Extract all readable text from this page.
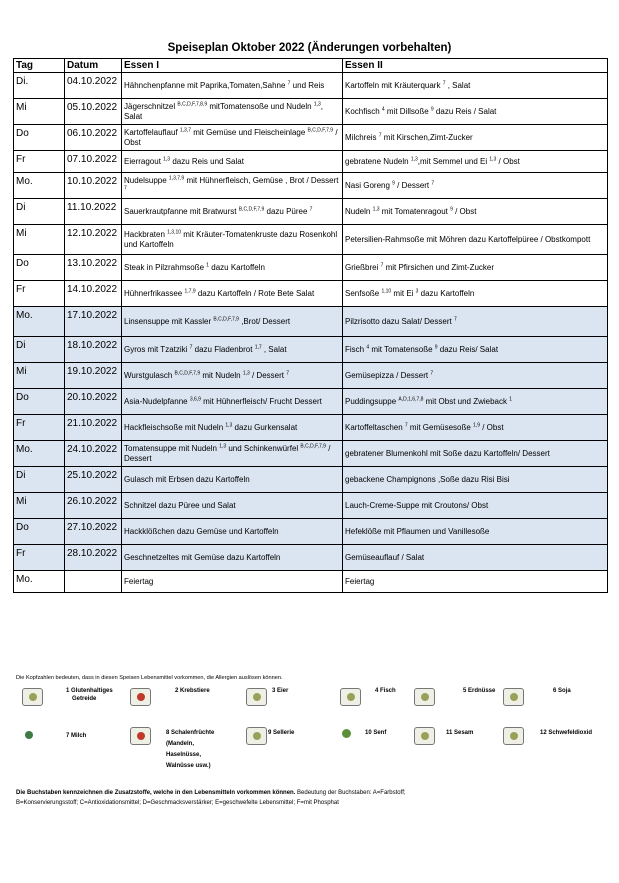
Speiseplan Oktober 2022 (Änderungen vorbehalten)
Tag	Datum	Essen I	Essen II
Di.	04.10.2022	Hähnchenpfanne mit Paprika,Tomaten,Sahne $^7$ und Reis	Kartoffeln mit Kräuterquark $^7$ , Salat
Mi	05.10.2022	Jägerschnitzel $^{B,C,D,F,7,8,9}$ mitTomatensoße und Nudeln $^{1,3}$, Salat	Kochfisch $^4$ mit Dillsoße $^9$ dazu Reis / Salat
Do	06.10.2022	Kartoffelauflauf $^{1,3,7}$ mit Gemüse und Fleischeinlage $^{B,C,D,F,7,9}$ / Obst	Milchreis $^7$ mit Kirschen,Zimt-Zucker
Fr	07.10.2022	Eierragout $^{1,3}$ dazu Reis und Salat	gebratene Nudeln $^{1,3}$,mit Semmel und Ei $^{1,3}$ / Obst
Mo.	10.10.2022	Nudelsuppe $^{1,3,7,9}$ mit Hühnerfleisch, Gemüse , Brot / Dessert $^7$	Nasi Goreng $^9$ / Dessert $^7$
Di	11.10.2022	Sauerkrautpfanne mit Bratwurst $^{B,C,D,F,7,9}$ dazu Püree $^7$	Nudeln $^{1,3}$ mit Tomatenragout $^9$ / Obst
Mi	12.10.2022	Hackbraten $^{1,3,10}$ mit Kräuter-Tomatenkruste dazu Rosenkohl und Kartoffeln	Petersilien-Rahmsoße mit Möhren dazu Kartoffelpüree / Obstkompott
Do	13.10.2022	Steak in Pilzrahmsoße $^1$ dazu Kartoffeln	Grießbrei $^7$ mit Pfirsichen und Zimt-Zucker
Fr	14.10.2022	Hühnerfrikassee $^{1,7,9}$ dazu Kartoffeln / Rote Bete Salat	Senfsoße $^{1,10}$ mit Ei $^3$ dazu Kartoffeln
Mo.	17.10.2022	Linsensuppe mit Kassler $^{B,C,D,F,7,9}$ ,Brot/ Dessert	Pilzrisotto dazu Salat/ Dessert $^7$
Di	18.10.2022	Gyros mit Tzatziki $^7$ dazu Fladenbrot $^{1,7}$ , Salat	Fisch $^4$ mit Tomatensoße $^9$ dazu Reis/ Salat
Mi	19.10.2022	Wurstgulasch $^{B,C,D,F,7,9}$ mit Nudeln $^{1,3}$ / Dessert $^7$	Gemüsepizza / Dessert $^7$
Do	20.10.2022	Asia-Nudelpfanne $^{3,6,9}$ mit Hühnerfleisch/ Frucht Dessert	Puddingsuppe $^{A,D,1,6,7,8}$ mit Obst und Zwieback $^1$
Fr	21.10.2022	Hackfleischsoße mit Nudeln $^{1,3}$ dazu Gurkensalat	Kartoffeltaschen $^7$ mit Gemüsesoße $^{1,9}$ / Obst
Mo.	24.10.2022	Tomatensuppe mit Nudeln $^{1,3}$ und Schinkenwürfel $^{B,C,D,F,7,9}$ / Dessert	gebratener Blumenkohl mit Soße dazu Kartoffeln/ Dessert
Di	25.10.2022	Gulasch mit Erbsen dazu Kartoffeln	gebackene Champignons ,Soße dazu Risi Bisi
Mi	26.10.2022	Schnitzel dazu Püree und Salat	Lauch-Creme-Suppe mit Croutons/ Obst
Do	27.10.2022	Hackklößchen dazu Gemüse und Kartoffeln	Hefeklöße mit Pflaumen und Vanillesoße
Fr	28.10.2022	Geschnetzeltes mit Gemüse dazu Kartoffeln	Gemüseauflauf / Salat
Mo.		Feiertag	Feiertag
Die Kopfzahlen bedeuten, dass in diesen Speisen Lebensmittel vorkommen, die Allergien auslösen können.
1 Glutenhaltiges
Getreide
2 Krebstiere	3 Eier	4 Fisch	5 Erdnüsse	6 Soja
7 Milch	8 Schalenfrüchte
(Mandeln,
Haselnüsse,
Walnüsse usw.)
9 Sellerie	10 Senf	11 Sesam	12 Schwefeldioxid
Die Buchstaben kennzeichnen die Zusatzstoffe, welche in den Lebensmitteln vorkommen können. Bedeutung der Buchstaben: A=Farbstoff;
B=Konservierungsstoff; C=Antioxidationsmittel; D=Geschmacksverstärker; E=geschwefelte Lebensmittel; F=mit Phosphat
